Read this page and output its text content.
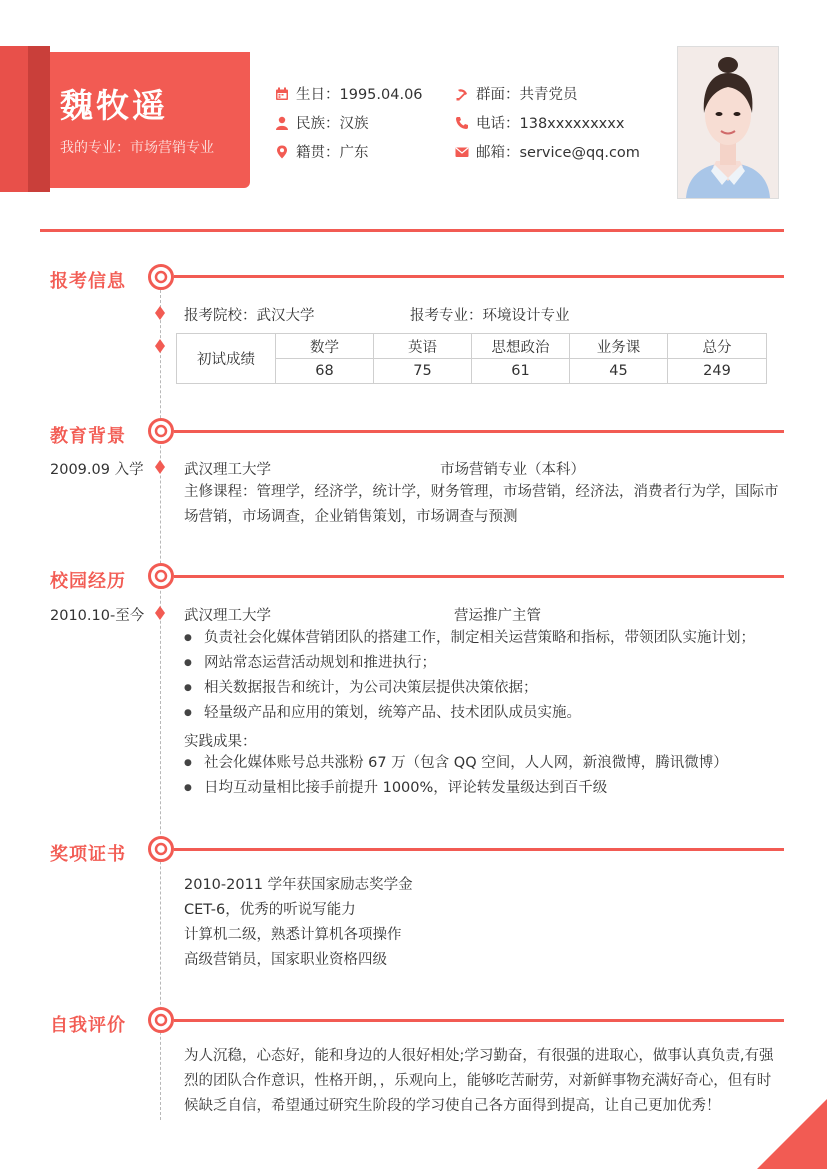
魏牧遥
我的专业：市场营销专业
生日：1995.04.06
民族：汉族
籍贯：广东
群面：共青党员
电话：138xxxxxxxxx
邮箱：service@qq.com
报考信息
报考院校：武汉大学	报考专业：环境设计专业
初试成绩	数学	英语	思想政治	业务课	总分
	68	75	61	45	249
教育背景
2009.09 入学	武汉理工大学	市场营销专业（本科）
主修课程：管理学，经济学，统计学，财务管理，市场营销，经济法，消费者行为学，国际市场营销，市场调查，企业销售策划，市场调查与预测
校园经历
2010.10-至今	武汉理工大学	营运推广主管
● 负责社会化媒体营销团队的搭建工作，制定相关运营策略和指标，带领团队实施计划；
● 网站常态运营活动规划和推进执行；
● 相关数据报告和统计，为公司决策层提供决策依据；
● 轻量级产品和应用的策划，统筹产品、技术团队成员实施。
实践成果：
● 社会化媒体账号总共涨粉 67 万（包含 QQ 空间，人人网，新浪微博，腾讯微博）
● 日均互动量相比接手前提升 1000%，评论转发量级达到百千级
奖项证书
2010-2011 学年获国家励志奖学金
CET-6，优秀的听说写能力
计算机二级，熟悉计算机各项操作
高级营销员，国家职业资格四级
自我评价
为人沉稳，心态好，能和身边的人很好相处;学习勤奋，有很强的进取心，做事认真负责,有强烈的团队合作意识，性格开朗，，乐观向上，能够吃苦耐劳，对新鲜事物充满好奇心，但有时候缺乏自信，希望通过研究生阶段的学习使自己各方面得到提高，让自己更加优秀！
